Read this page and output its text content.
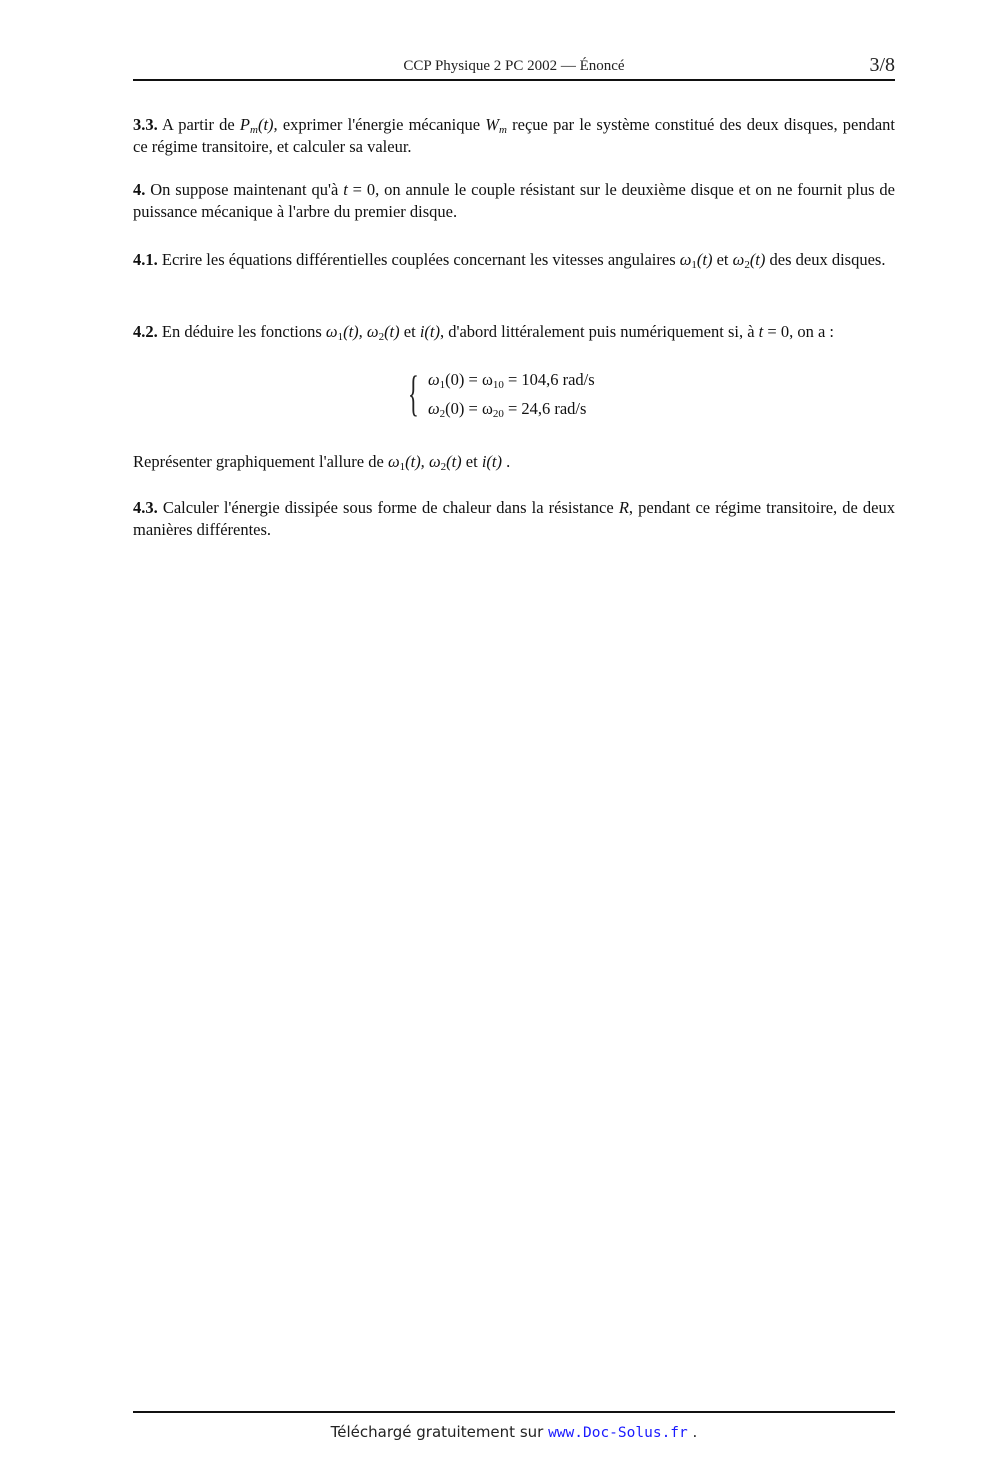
CCP Physique 2 PC 2002 — Énoncé	3/8
3.3. A partir de $P_m(t)$, exprimer l'énergie mécanique $W_m$ reçue par le système constitué des deux disques, pendant ce régime transitoire, et calculer sa valeur.
4. On suppose maintenant qu'à t = 0, on annule le couple résistant sur le deuxième disque et on ne fournit plus de puissance mécanique à l'arbre du premier disque.
4.1. Ecrire les équations différentielles couplées concernant les vitesses angulaires $\omega_1(t)$ et $\omega_2(t)$ des deux disques.
4.2. En déduire les fonctions $\omega_1(t)$, $\omega_2(t)$ et i(t), d'abord littéralement puis numériquement si, à t = 0, on a :
{ $\omega_1(0) = \omega_{10} = 104,6$ rad/s
$\omega_2(0) = \omega_{20} = 24,6$ rad/s
Représenter graphiquement l'allure de $\omega_1(t)$, $\omega_2(t)$ et i(t) .
4.3. Calculer l'énergie dissipée sous forme de chaleur dans la résistance R, pendant ce régime transitoire, de deux manières différentes.
Téléchargé gratuitement sur www.Doc-Solus.fr .
